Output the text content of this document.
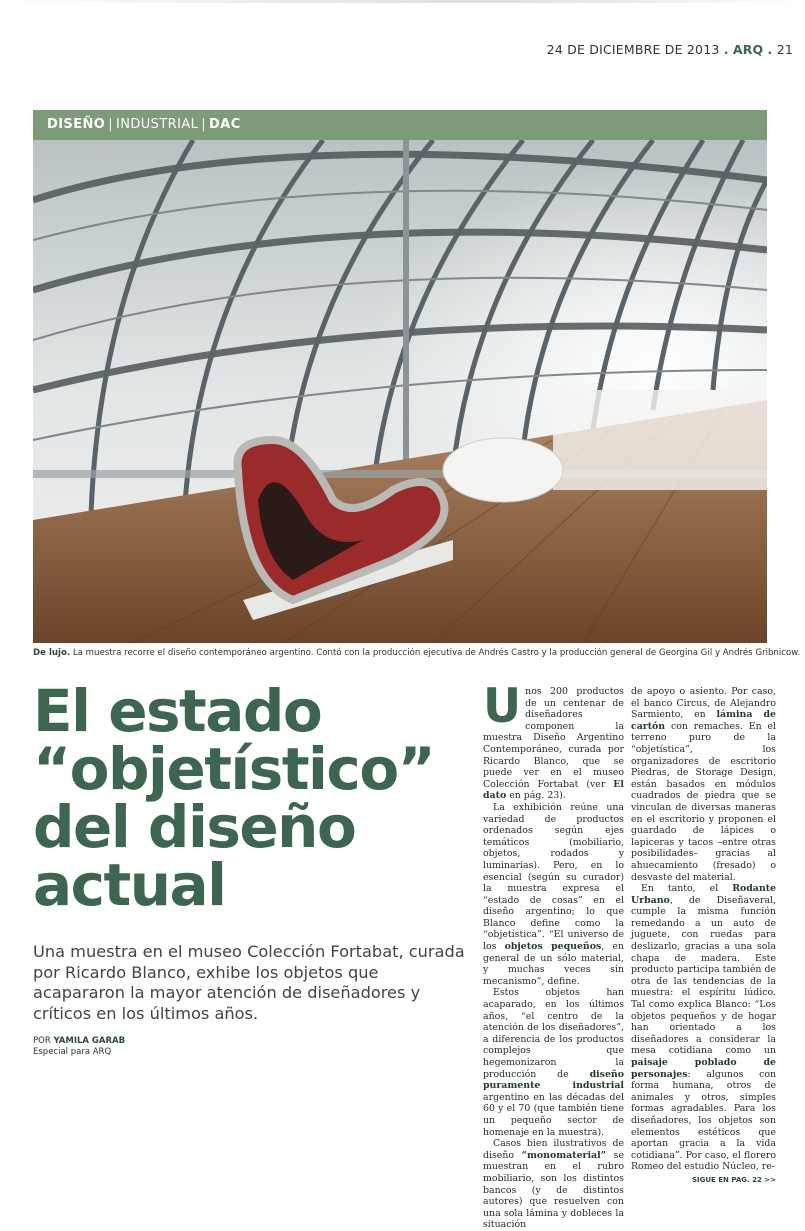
24 DE DICIEMBRE DE 2013 . ARQ . 21
DISEÑO | INDUSTRIAL | DAC
De lujo. La muestra recorre el diseño contemporáneo argentino. Contó con la producción ejecutiva de Andrés Castro y la producción general de Georgina Gil y Andrés Gribnicow.
El estado
“objetístico”
del diseño
actual
Una muestra en el museo Colección Fortabat, curada por Ricardo Blanco, exhibe los objetos que acapararon la mayor atención de diseñadores y críticos en los últimos años.
POR YAMILA GARAB
Especial para ARQ
U nos 200 productos de un centenar de diseñadores componen la muestra Diseño Argentino Contemporáneo, curada por Ricardo Blanco, que se puede ver en el museo Colección Fortabat (ver El dato en pág. 23).

La exhibición reúne una variedad de productos ordenados según ejes temáticos (mobiliario, objetos, rodados y luminarias). Pero, en lo esencial (según su curador) la muestra expresa el “estado de cosas” en el diseño argentino; lo que Blanco define como la “objetística”. “El universo de los objetos pequeños, en general de un sólo material, y muchas veces sin mecanismo”, define.

Estos objetos han acaparado, en los últimos años, “el centro de la atención de los diseñadores”, a diferencia de los productos complejos que hegemonizaron la producción de diseño puramente industrial argentino en las décadas del 60 y el 70 (que también tiene un pequeño sector de homenaje en la muestra).

Casos bien ilustrativos de diseño “monomaterial” se muestran en el rubro mobiliario, son los distintos bancos (y de distintos autores) que resuelven con una sola lámina y dobleces la situación

de apoyo o asiento. Por caso, el banco Circus, de Alejandro Sarmiento, en lámina de cartón con remaches. En el terreno puro de la “objetística”, los organizadores de escritorio Piedras, de Storage Design, están basados en módulos cuadrados de piedra que se vinculan de diversas maneras en el escritorio y proponen el guardado de lápices o lapiceras y tacos –entre otras posibilidades– gracias al ahuecamiento (fresado) o desvaste del material.

En tanto, el Rodante Urbano, de Diseñaveral, cumple la misma función remedando a un auto de juguete, con ruedas para deslizarlo, gracias a una sola chapa de madera. Este producto participa también de otra de las tendencias de la muestra: el espíritu lúdico. Tal como explica Blanco: “Los objetos pequeños y de hogar han orientado a los diseñadores a considerar la mesa cotidiana como un paisaje poblado de personajes: algunos con forma humana, otros de animales y otros, simples formas agradables. Para los diseñadores, los objetos son elementos estéticos que aportan gracia a la vida cotidiana”. Por caso, el florero Romeo del estudio Núcleo, re-

SIGUE EN PAG. 22 >>
